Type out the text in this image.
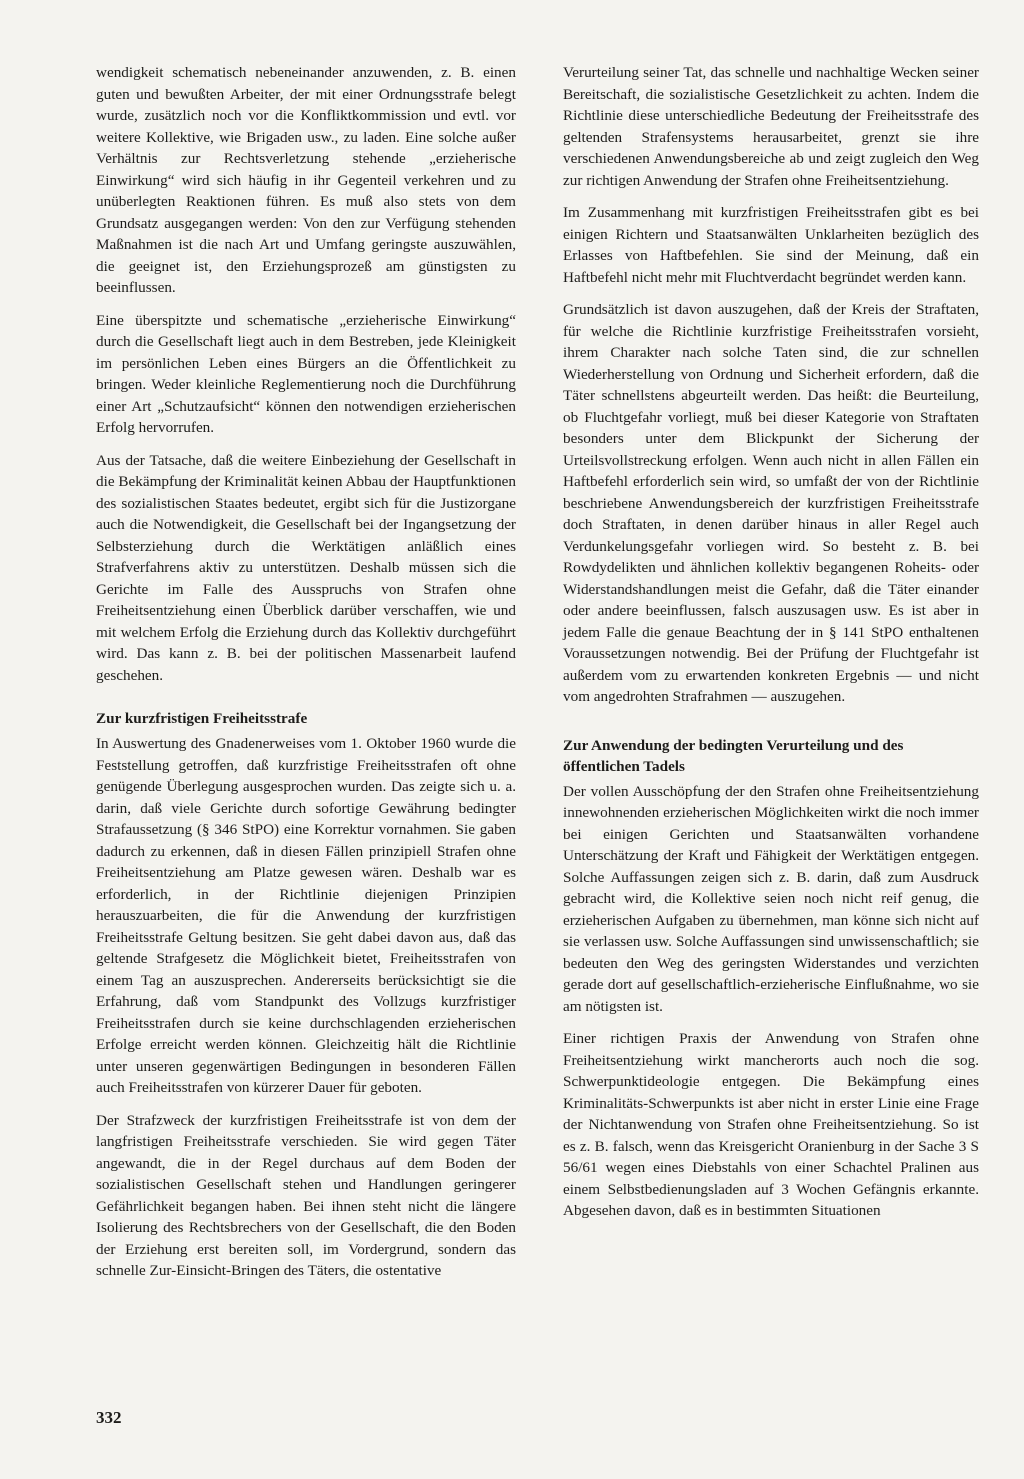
wendigkeit schematisch nebeneinander anzuwenden, z. B. einen guten und bewußten Arbeiter, der mit einer Ordnungsstrafe belegt wurde, zusätzlich noch vor die Konfliktkommission und evtl. vor weitere Kollektive, wie Brigaden usw., zu laden. Eine solche außer Verhältnis zur Rechtsverletzung stehende „erzieherische Einwirkung“ wird sich häufig in ihr Gegenteil verkehren und zu unüberlegten Reaktionen führen. Es muß also stets von dem Grundsatz ausgegangen werden: Von den zur Verfügung stehenden Maßnahmen ist die nach Art und Umfang geringste auszuwählen, die geeignet ist, den Erziehungsprozeß am günstigsten zu beeinflussen.

Eine überspitzte und schematische „erzieherische Einwirkung“ durch die Gesellschaft liegt auch in dem Bestreben, jede Kleinigkeit im persönlichen Leben eines Bürgers an die Öffentlichkeit zu bringen. Weder kleinliche Reglementierung noch die Durchführung einer Art „Schutzaufsicht“ können den notwendigen erzieherischen Erfolg hervorrufen.

Aus der Tatsache, daß die weitere Einbeziehung der Gesellschaft in die Bekämpfung der Kriminalität keinen Abbau der Hauptfunktionen des sozialistischen Staates bedeutet, ergibt sich für die Justizorgane auch die Notwendigkeit, die Gesellschaft bei der Ingangsetzung der Selbsterziehung durch die Werktätigen anläßlich eines Strafverfahrens aktiv zu unterstützen. Deshalb müssen sich die Gerichte im Falle des Ausspruchs von Strafen ohne Freiheitsentziehung einen Überblick darüber verschaffen, wie und mit welchem Erfolg die Erziehung durch das Kollektiv durchgeführt wird. Das kann z. B. bei der politischen Massenarbeit laufend geschehen.

Zur kurzfristigen Freiheitsstrafe

In Auswertung des Gnadenerweises vom 1. Oktober 1960 wurde die Feststellung getroffen, daß kurzfristige Freiheitsstrafen oft ohne genügende Überlegung ausgesprochen wurden. Das zeigte sich u. a. darin, daß viele Gerichte durch sofortige Gewährung bedingter Strafaussetzung (§ 346 StPO) eine Korrektur vornahmen. Sie gaben dadurch zu erkennen, daß in diesen Fällen prinzipiell Strafen ohne Freiheitsentziehung am Platze gewesen wären. Deshalb war es erforderlich, in der Richtlinie diejenigen Prinzipien herauszuarbeiten, die für die Anwendung der kurzfristigen Freiheitsstrafe Geltung besitzen. Sie geht dabei davon aus, daß das geltende Strafgesetz die Möglichkeit bietet, Freiheitsstrafen von einem Tag an auszusprechen. Andererseits berücksichtigt sie die Erfahrung, daß vom Standpunkt des Vollzugs kurzfristiger Freiheitsstrafen durch sie keine durchschlagenden erzieherischen Erfolge erreicht werden können. Gleichzeitig hält die Richtlinie unter unseren gegenwärtigen Bedingungen in besonderen Fällen auch Freiheitsstrafen von kürzerer Dauer für geboten.

Der Strafzweck der kurzfristigen Freiheitsstrafe ist von dem der langfristigen Freiheitsstrafe verschieden. Sie wird gegen Täter angewandt, die in der Regel durchaus auf dem Boden der sozialistischen Gesellschaft stehen und Handlungen geringerer Gefährlichkeit begangen haben. Bei ihnen steht nicht die längere Isolierung des Rechtsbrechers von der Gesellschaft, die den Boden der Erziehung erst bereiten soll, im Vordergrund, sondern das schnelle Zur-Einsicht-Bringen des Täters, die ostentative

Verurteilung seiner Tat, das schnelle und nachhaltige Wecken seiner Bereitschaft, die sozialistische Gesetzlichkeit zu achten. Indem die Richtlinie diese unterschiedliche Bedeutung der Freiheitsstrafe des geltenden Strafensystems herausarbeitet, grenzt sie ihre verschiedenen Anwendungsbereiche ab und zeigt zugleich den Weg zur richtigen Anwendung der Strafen ohne Freiheitsentziehung.

Im Zusammenhang mit kurzfristigen Freiheitsstrafen gibt es bei einigen Richtern und Staatsanwälten Unklarheiten bezüglich des Erlasses von Haftbefehlen. Sie sind der Meinung, daß ein Haftbefehl nicht mehr mit Fluchtverdacht begründet werden kann.

Grundsätzlich ist davon auszugehen, daß der Kreis der Straftaten, für welche die Richtlinie kurzfristige Freiheitsstrafen vorsieht, ihrem Charakter nach solche Taten sind, die zur schnellen Wiederherstellung von Ordnung und Sicherheit erfordern, daß die Täter schnellstens abgeurteilt werden. Das heißt: die Beurteilung, ob Fluchtgefahr vorliegt, muß bei dieser Kategorie von Straftaten besonders unter dem Blickpunkt der Sicherung der Urteilsvollstreckung erfolgen. Wenn auch nicht in allen Fällen ein Haftbefehl erforderlich sein wird, so umfaßt der von der Richtlinie beschriebene Anwendungsbereich der kurzfristigen Freiheitsstrafe doch Straftaten, in denen darüber hinaus in aller Regel auch Verdunkelungsgefahr vorliegen wird. So besteht z. B. bei Rowdydelikten und ähnlichen kollektiv begangenen Roheits- oder Widerstandshandlungen meist die Gefahr, daß die Täter einander oder andere beeinflussen, falsch auszusagen usw. Es ist aber in jedem Falle die genaue Beachtung der in § 141 StPO enthaltenen Voraussetzungen notwendig. Bei der Prüfung der Fluchtgefahr ist außerdem vom zu erwartenden konkreten Ergebnis — und nicht vom angedrohten Strafrahmen — auszugehen.

Zur Anwendung der bedingten Verurteilung und des öffentlichen Tadels

Der vollen Ausschöpfung der den Strafen ohne Freiheitsentziehung innewohnenden erzieherischen Möglichkeiten wirkt die noch immer bei einigen Gerichten und Staatsanwälten vorhandene Unterschätzung der Kraft und Fähigkeit der Werktätigen entgegen. Solche Auffassungen zeigen sich z. B. darin, daß zum Ausdruck gebracht wird, die Kollektive seien noch nicht reif genug, die erzieherischen Aufgaben zu übernehmen, man könne sich nicht auf sie verlassen usw. Solche Auffassungen sind unwissenschaftlich; sie bedeuten den Weg des geringsten Widerstandes und verzichten gerade dort auf gesellschaftlich-erzieherische Einflußnahme, wo sie am nötigsten ist.

Einer richtigen Praxis der Anwendung von Strafen ohne Freiheitsentziehung wirkt mancherorts auch noch die sog. Schwerpunktideologie entgegen. Die Bekämpfung eines Kriminalitäts-Schwerpunkts ist aber nicht in erster Linie eine Frage der Nichtanwendung von Strafen ohne Freiheitsentziehung. So ist es z. B. falsch, wenn das Kreisgericht Oranienburg in der Sache 3 S 56/61 wegen eines Diebstahls von einer Schachtel Pralinen aus einem Selbstbedienungsladen auf 3 Wochen Gefängnis erkannte. Abgesehen davon, daß es in bestimmten Situationen

332
